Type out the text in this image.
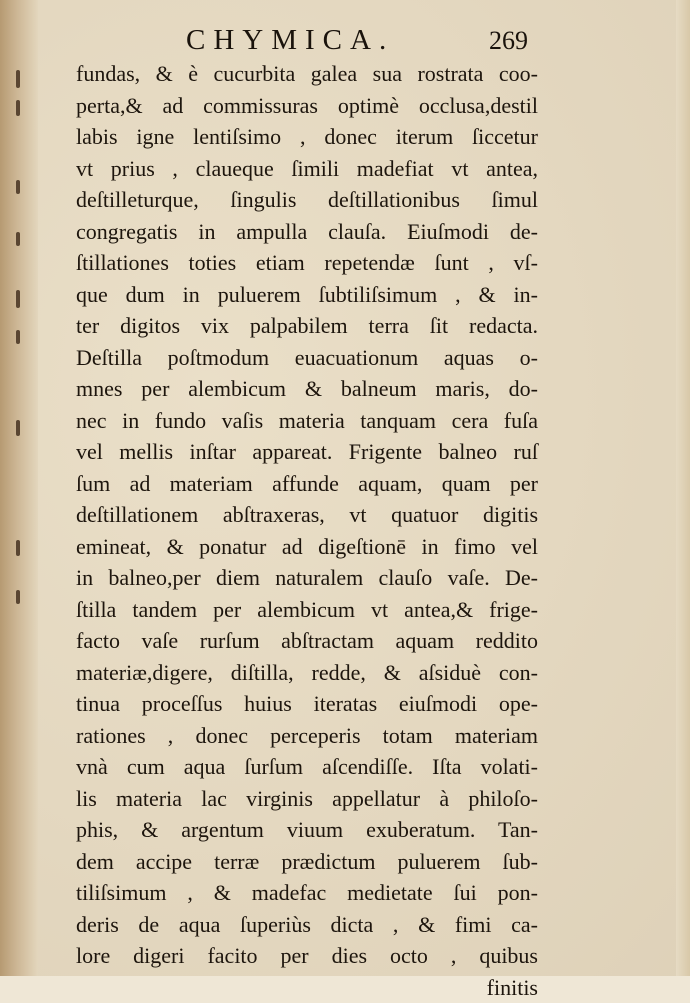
CHYMICA.	269
fundas, & è cucurbita galea sua rostrata coo-
perta,& ad commissuras optimè occlusa,destil
labis igne lentiſsimo , donec iterum ſiccetur
vt prius , claueque ſimili madefiat vt antea,
deſtilleturque, ſingulis deſtillationibus ſimul
congregatis in ampulla clauſa. Eiuſmodi de-
ſtillationes toties etiam repetendæ ſunt , vſ-
que dum in puluerem ſubtiliſsimum , & in-
ter digitos vix palpabilem terra ſit redacta.
Deſtilla poſtmodum euacuationum aquas o-
mnes per alembicum & balneum maris, do-
nec in fundo vaſis materia tanquam cera fuſa
vel mellis inſtar appareat. Frigente balneo ruſ
ſum ad materiam affunde aquam, quam per
deſtillationem abſtraxeras, vt quatuor digitis
emineat, & ponatur ad digeſtionē in fimo vel
in balneo,per diem naturalem clauſo vaſe. De-
ſtilla tandem per alembicum vt antea,& frige-
facto vaſe rurſum abſtractam aquam reddito
materiæ,digere, diſtilla, redde, & aſsiduè con-
tinua proceſſus huius iteratas eiuſmodi ope-
rationes , donec perceperis totam materiam
vnà cum aqua ſurſum aſcendiſſe. Iſta volati-
lis materia lac virginis appellatur à philoſo-
phis, & argentum viuum exuberatum. Tan-
dem accipe terræ prædictum puluerem ſub-
tiliſsimum , & madefac medietate ſui pon-
deris de aqua ſuperiùs dicta , & fimi ca-
lore digeri facito per dies octo , quibus
finitis
